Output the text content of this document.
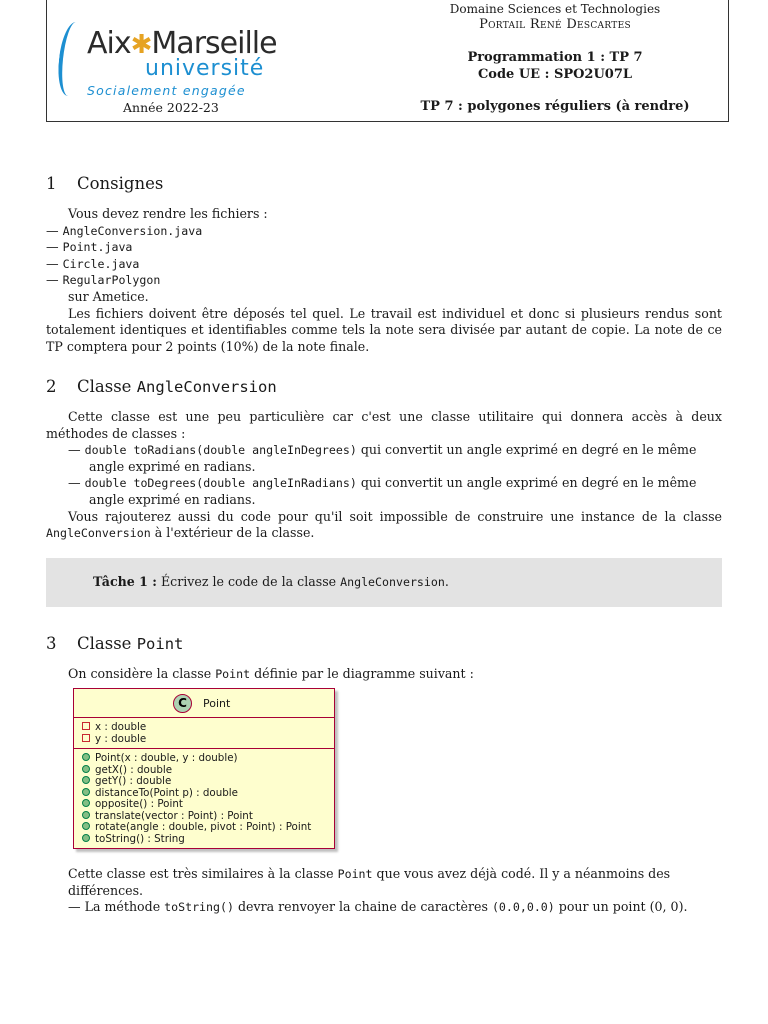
Aix✱Marseille
université
Socialement engagée
Année 2022-23
Domaine Sciences et Technologies
Portail René Descartes
Programmation 1 : TP 7
Code UE : SPO2U07L
TP 7 : polygones réguliers (à rendre)
1 Consignes
Vous devez rendre les fichiers :
— AngleConversion.java
— Point.java
— Circle.java
— RegularPolygon
sur Ametice.
Les fichiers doivent être déposés tel quel. Le travail est individuel et donc si plusieurs rendus sont totalement identiques et identifiables comme tels la note sera divisée par autant de copie. La note de ce TP comptera pour 2 points (10%) de la note finale.
2 Classe AngleConversion
Cette classe est une peu particulière car c'est une classe utilitaire qui donnera accès à deux méthodes de classes :
— double toRadians(double angleInDegrees) qui convertit un angle exprimé en degré en le même angle exprimé en radians.
— double toDegrees(double angleInRadians) qui convertit un angle exprimé en degré en le même angle exprimé en radians.
Vous rajouterez aussi du code pour qu'il soit impossible de construire une instance de la classe AngleConversion à l'extérieur de la classe.
Tâche 1 : Écrivez le code de la classe AngleConversion.
3 Classe Point
On considère la classe Point définie par le diagramme suivant :
C	Point
x : double
y : double
Point(x : double, y : double)
getX() : double
getY() : double
distanceTo(Point p) : double
opposite() : Point
translate(vector : Point) : Point
rotate(angle : double, pivot : Point) : Point
toString() : String
Cette classe est très similaires à la classe Point que vous avez déjà codé. Il y a néanmoins des différences.
— La méthode toString() devra renvoyer la chaine de caractères (0.0,0.0) pour un point (0, 0).
